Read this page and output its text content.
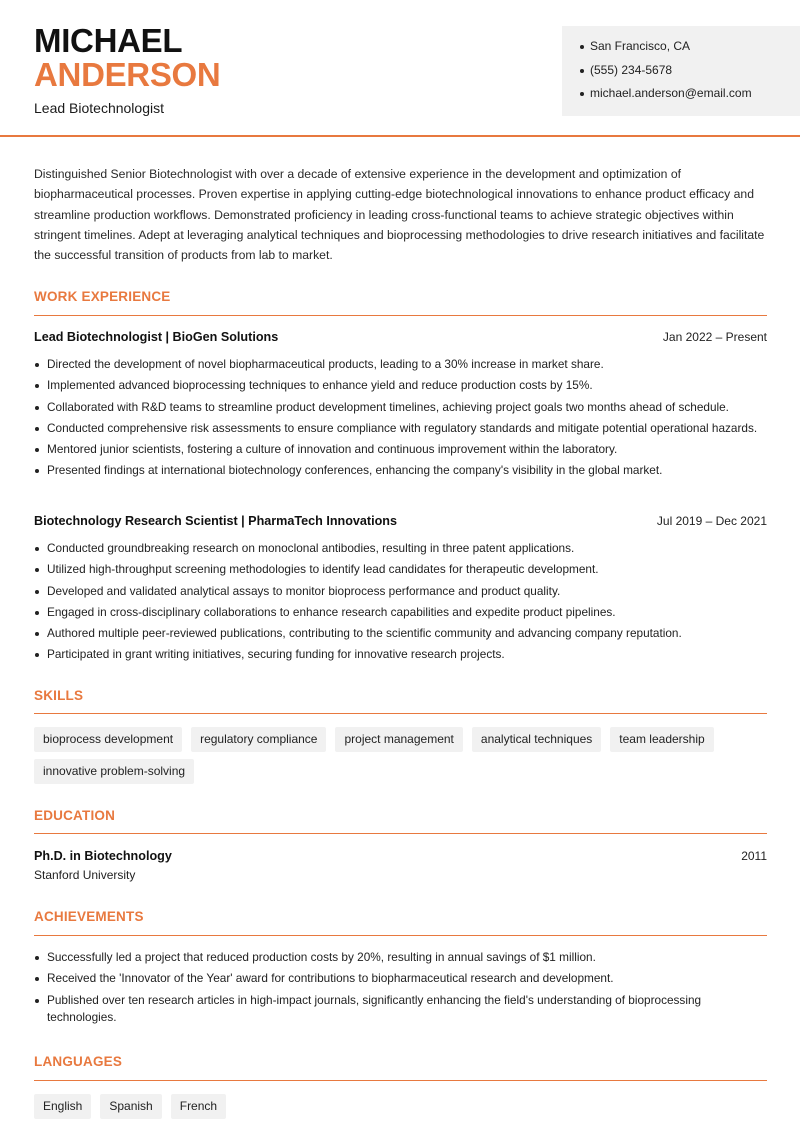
MICHAEL
ANDERSON
Lead Biotechnologist
San Francisco, CA
(555) 234-5678
michael.anderson@email.com

Distinguished Senior Biotechnologist with over a decade of extensive experience in the development and optimization of biopharmaceutical processes. Proven expertise in applying cutting-edge biotechnological innovations to enhance product efficacy and streamline production workflows. Demonstrated proficiency in leading cross-functional teams to achieve strategic objectives within stringent timelines. Adept at leveraging analytical techniques and bioprocessing methodologies to drive research initiatives and facilitate the successful transition of products from lab to market.

WORK EXPERIENCE
Lead Biotechnologist | BioGen Solutions	Jan 2022 – Present
Directed the development of novel biopharmaceutical products, leading to a 30% increase in market share.
Implemented advanced bioprocessing techniques to enhance yield and reduce production costs by 15%.
Collaborated with R&D teams to streamline product development timelines, achieving project goals two months ahead of schedule.
Conducted comprehensive risk assessments to ensure compliance with regulatory standards and mitigate potential operational hazards.
Mentored junior scientists, fostering a culture of innovation and continuous improvement within the laboratory.
Presented findings at international biotechnology conferences, enhancing the company's visibility in the global market.
Biotechnology Research Scientist | PharmaTech Innovations	Jul 2019 – Dec 2021
Conducted groundbreaking research on monoclonal antibodies, resulting in three patent applications.
Utilized high-throughput screening methodologies to identify lead candidates for therapeutic development.
Developed and validated analytical assays to monitor bioprocess performance and product quality.
Engaged in cross-disciplinary collaborations to enhance research capabilities and expedite product pipelines.
Authored multiple peer-reviewed publications, contributing to the scientific community and advancing company reputation.
Participated in grant writing initiatives, securing funding for innovative research projects.
SKILLS
bioprocess development	regulatory compliance	project management	analytical techniques	team leadership
innovative problem-solving
EDUCATION
Ph.D. in Biotechnology	2011
Stanford University
ACHIEVEMENTS
Successfully led a project that reduced production costs by 20%, resulting in annual savings of $1 million.
Received the 'Innovator of the Year' award for contributions to biopharmaceutical research and development.
Published over ten research articles in high-impact journals, significantly enhancing the field's understanding of bioprocessing technologies.
LANGUAGES
English	Spanish	French
